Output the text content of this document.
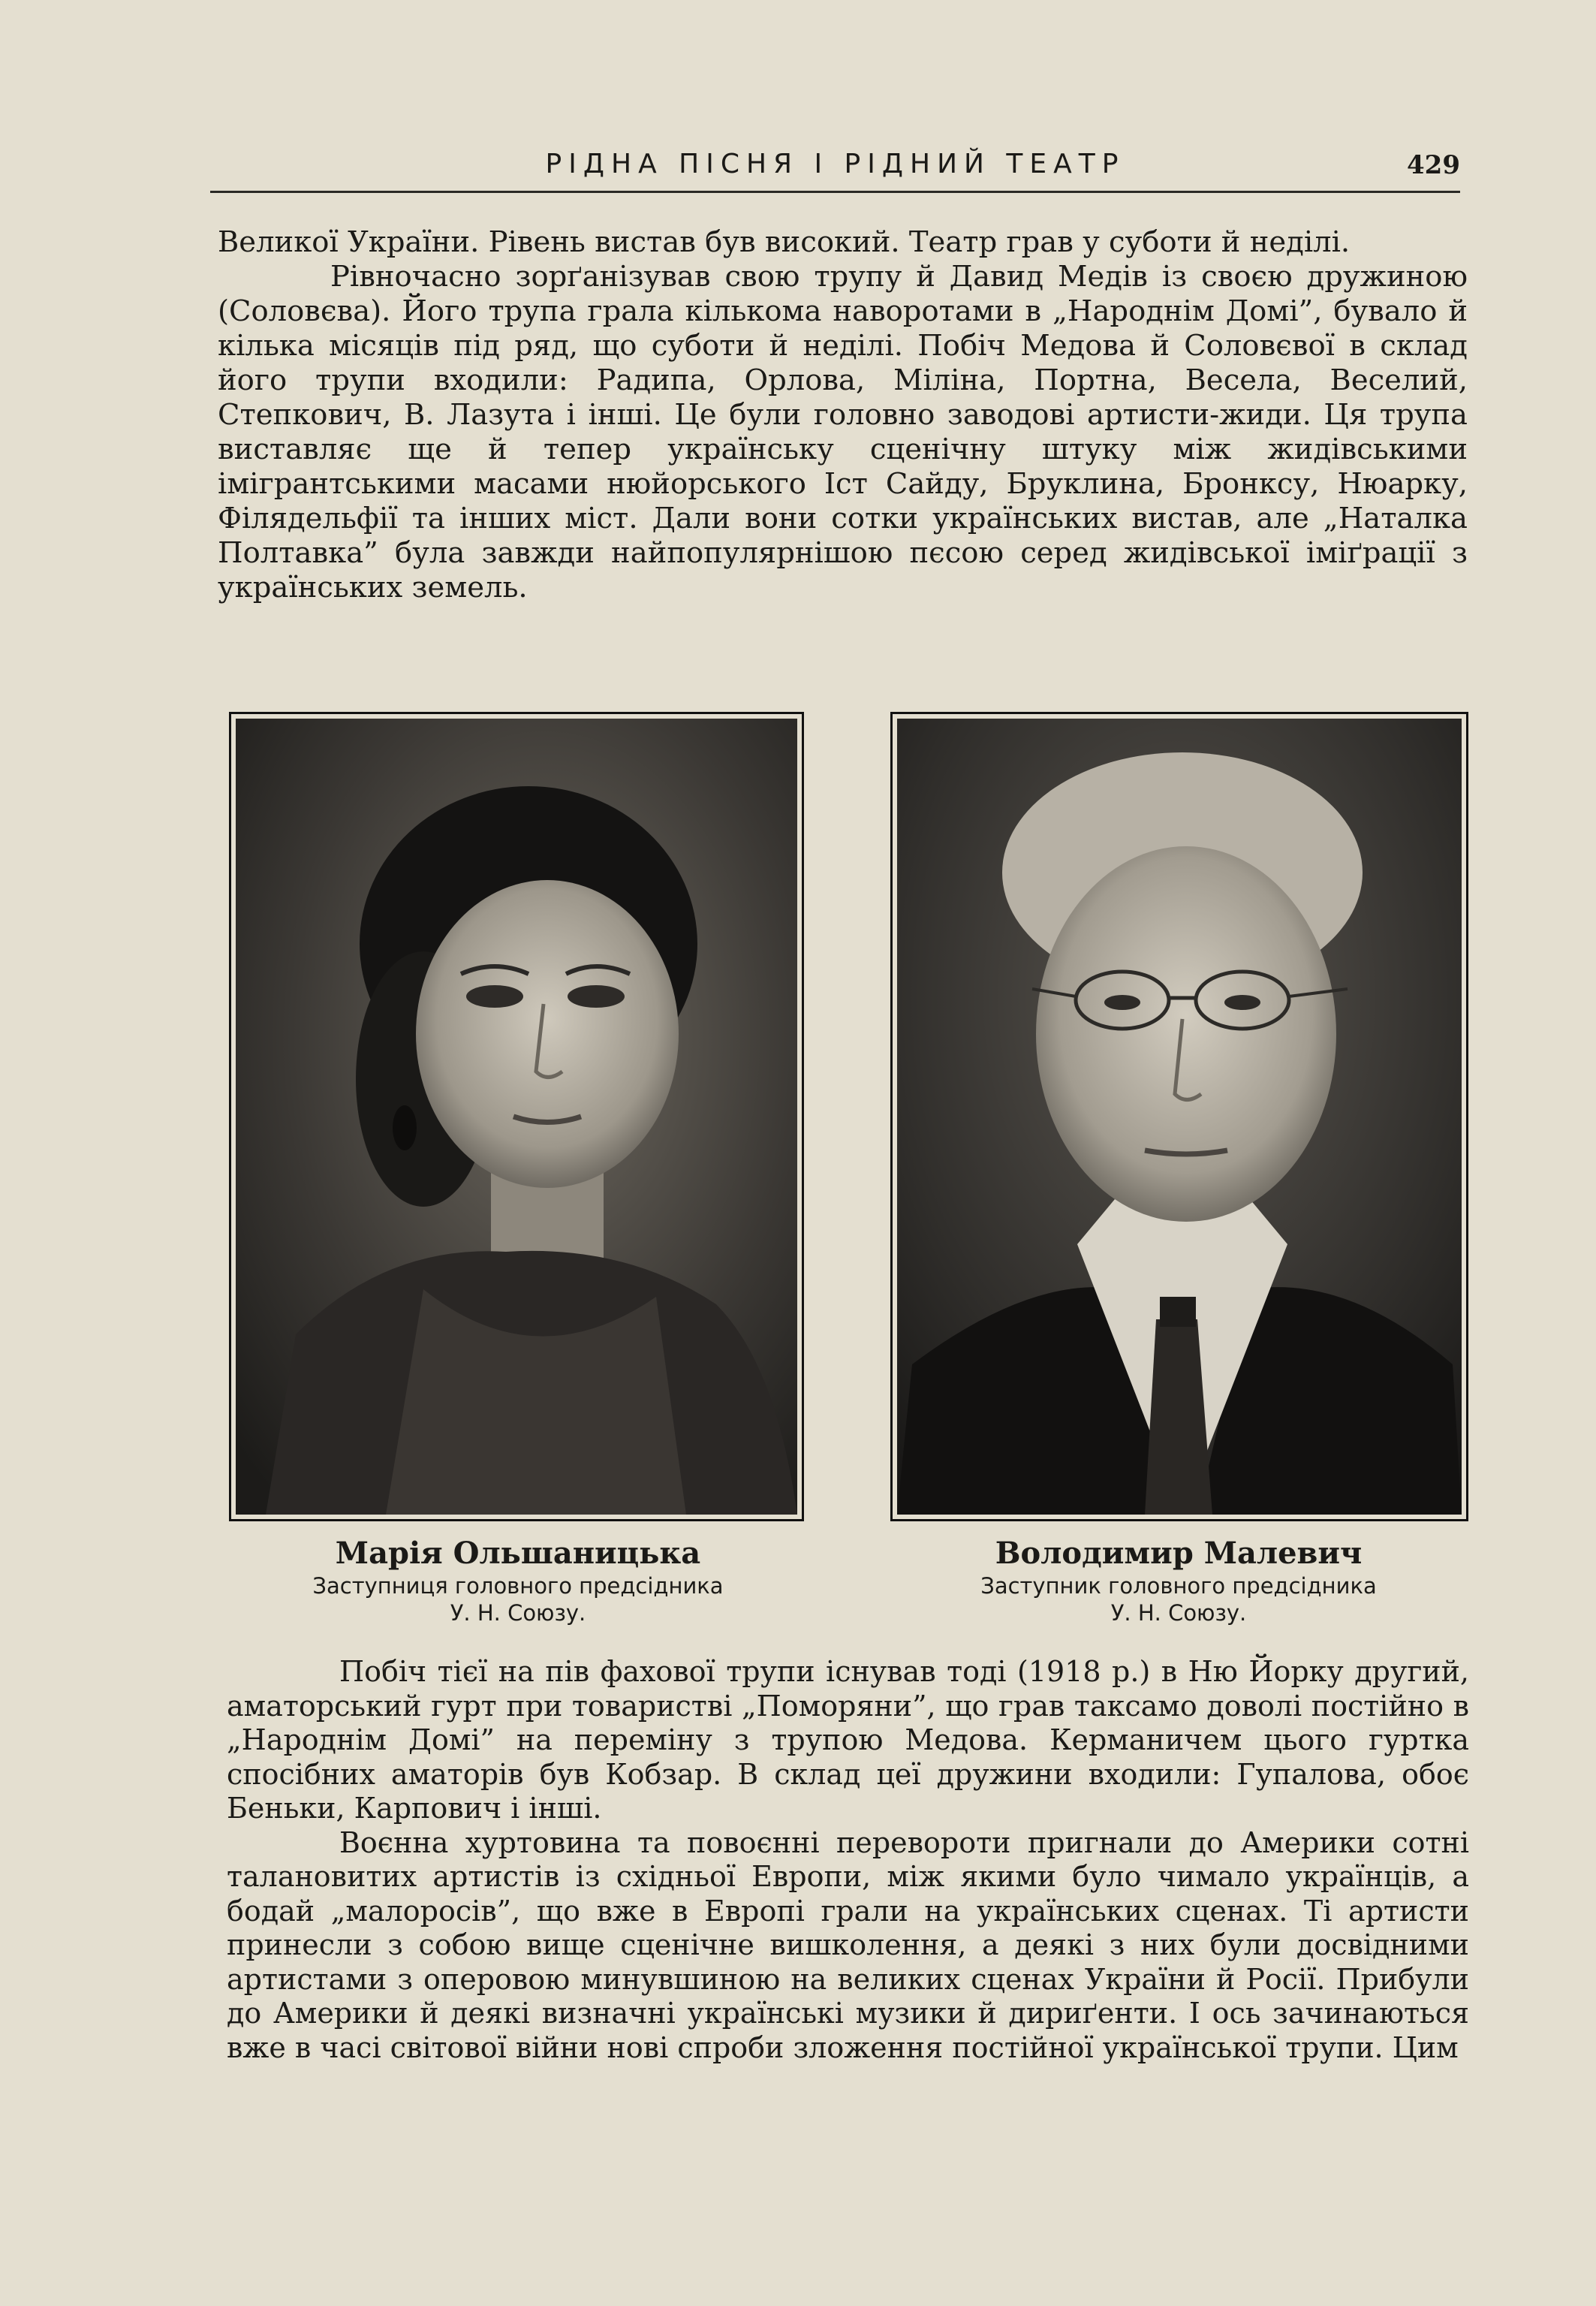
РІДНА ПІСНЯ І РІДНИЙ ТЕАТР	429

Великої України. Рівень вистав був високий. Театр грав у суботи й неділі.

Рівночасно зорґанізував свою трупу й Давид Медів із своєю дружиною (Соловєва). Його трупа грала кількома наворотами в „Народнім Домі”, бувало й кілька місяців під ряд, що суботи й неділі. Побіч Медова й Соловєвої в склад його трупи входили: Радипа, Орлова, Міліна, Портна, Весела, Веселий, Степкович, В. Лазута і інші. Це були головно заводові артисти-жиди. Ця трупа виставляє ще й тепер українську сценічну штуку між жидівськими імігрантськими масами нюйорського Іст Сайду, Бруклина, Бронксу, Нюарку, Філядельфії та інших міст. Дали вони сотки українських вистав, але „Наталка Полтавка” була завжди найпопулярнішою пєсою серед жидівської іміґрації з українських земель.

Марія Ольшаницька
Заступниця головного предсідника
У. Н. Союзу.
Володимир Малевич
Заступник головного предсідника
У. Н. Союзу.

Побіч тієї на пів фахової трупи існував тоді (1918 р.) в Ню Йорку другий, аматорський гурт при товаристві „Поморяни”, що грав таксамо доволі постійно в „Народнім Домі” на переміну з трупою Медова. Керманичем цього гуртка спосібних аматорів був Кобзар. В склад цеї дружини входили: Гупалова, обоє Беньки, Карпович і інші.

Воєнна хуртовина та повоєнні перевороти пригнали до Америки сотні талановитих артистів із східньої Европи, між якими було чимало українців, а бодай „малоросів”, що вже в Европі грали на українських сценах. Ті артисти принесли з собою вище сценічне вишколення, а деякі з них були досвідними артистами з оперовою минувшиною на великих сценах України й Росії. Прибули до Америки й деякі визначні українські музики й дириґенти. І ось зачинаються вже в часі світової війни нові спроби зложення постійної української трупи. Цим
